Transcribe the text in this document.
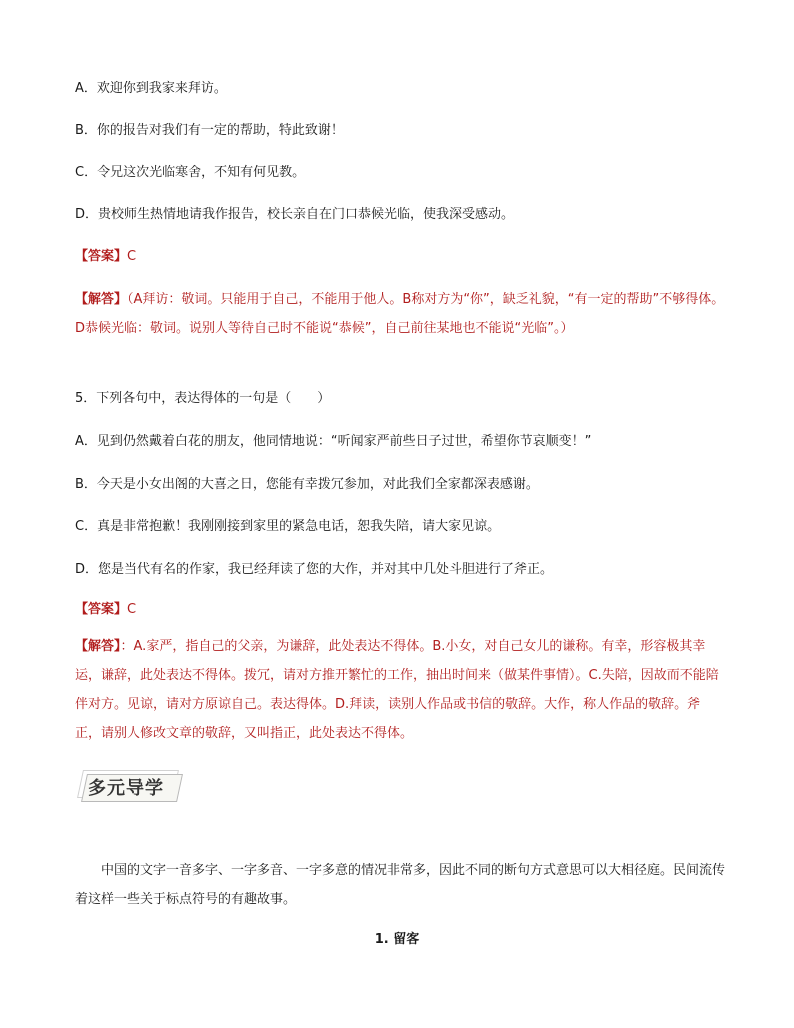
A．欢迎你到我家来拜访。
B．你的报告对我们有一定的帮助，特此致谢！
C．令兄这次光临寒舍，不知有何见教。
D．贵校师生热情地请我作报告，校长亲自在门口恭候光临，使我深受感动。
【答案】C
【解答】（A拜访：敬词。只能用于自己，不能用于他人。B称对方为“你”，缺乏礼貌，“有一定的帮助”不够得体。D恭候光临：敬词。说别人等待自己时不能说“恭候”，自己前往某地也不能说“光临”。）
5．下列各句中，表达得体的一句是（　　）
A．见到仍然戴着白花的朋友，他同情地说：“听闻家严前些日子过世，希望你节哀顺变！”
B．今天是小女出阁的大喜之日，您能有幸拨冗参加，对此我们全家都深表感谢。
C．真是非常抱歉！我刚刚接到家里的紧急电话，恕我失陪，请大家见谅。
D．您是当代有名的作家，我已经拜读了您的大作，并对其中几处斗胆进行了斧正。
【答案】C
【解答】：A.家严，指自己的父亲，为谦辞，此处表达不得体。B.小女，对自己女儿的谦称。有幸，形容极其幸运，谦辞，此处表达不得体。拨冗，请对方推开繁忙的工作，抽出时间来（做某件事情）。C.失陪，因故而不能陪伴对方。见谅，请对方原谅自己。表达得体。D.拜读，读别人作品或书信的敬辞。大作，称人作品的敬辞。斧正，请别人修改文章的敬辞，又叫指正，此处表达不得体。
多元导学
中国的文字一音多字、一字多音、一字多意的情况非常多，因此不同的断句方式意思可以大相径庭。民间流传着这样一些关于标点符号的有趣故事。
1. 留客
